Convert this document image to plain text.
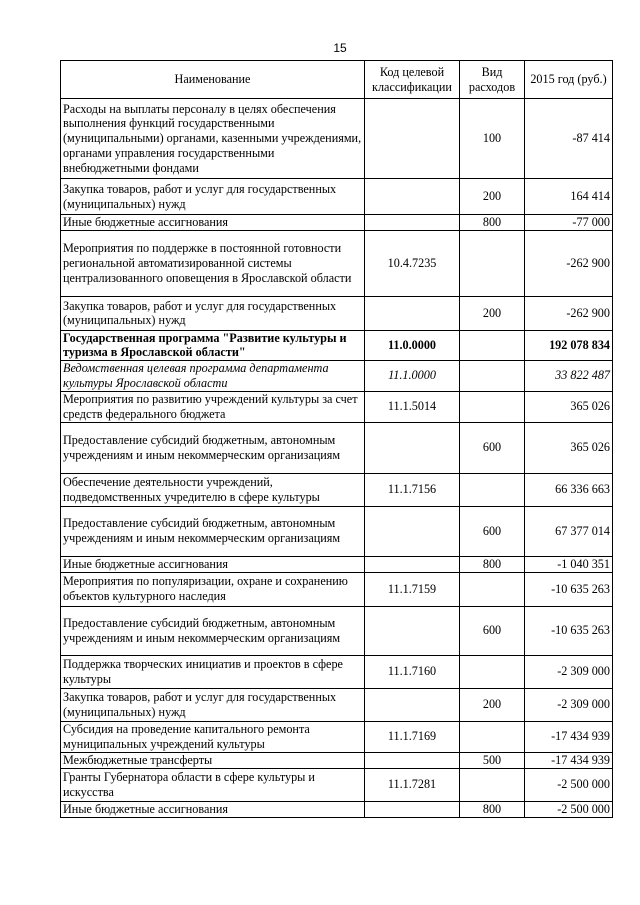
15
Наименование	Код целевой классификации	Вид расходов	2015 год (руб.)
Расходы на выплаты персоналу в целях обеспечения выполнения функций государственными (муниципальными) органами, казенными учреждениями, органами управления государственными внебюджетными фондами		100	-87 414
Закупка товаров, работ и услуг для государственных (муниципальных) нужд		200	164 414
Иные бюджетные ассигнования		800	-77 000
Мероприятия по поддержке в постоянной готовности региональной автоматизированной системы централизованного оповещения в Ярославской области	10.4.7235		-262 900
Закупка товаров, работ и услуг для государственных (муниципальных) нужд		200	-262 900
Государственная программа "Развитие культуры и туризма в Ярославской области"	11.0.0000		192 078 834
Ведомственная целевая программа департамента культуры Ярославской области	11.1.0000		33 822 487
Мероприятия по развитию учреждений культуры за счет средств федерального бюджета	11.1.5014		365 026
Предоставление субсидий бюджетным, автономным учреждениям и иным некоммерческим организациям		600	365 026
Обеспечение деятельности учреждений, подведомственных учредителю в сфере культуры	11.1.7156		66 336 663
Предоставление субсидий бюджетным, автономным учреждениям и иным некоммерческим организациям		600	67 377 014
Иные бюджетные ассигнования		800	-1 040 351
Мероприятия по популяризации, охране и сохранению объектов культурного наследия	11.1.7159		-10 635 263
Предоставление субсидий бюджетным, автономным учреждениям и иным некоммерческим организациям		600	-10 635 263
Поддержка творческих инициатив и проектов в сфере культуры	11.1.7160		-2 309 000
Закупка товаров, работ и услуг для государственных (муниципальных) нужд		200	-2 309 000
Субсидия на проведение капитального ремонта муниципальных учреждений культуры	11.1.7169		-17 434 939
Межбюджетные трансферты		500	-17 434 939
Гранты Губернатора области в сфере культуры и искусства	11.1.7281		-2 500 000
Иные бюджетные ассигнования		800	-2 500 000
